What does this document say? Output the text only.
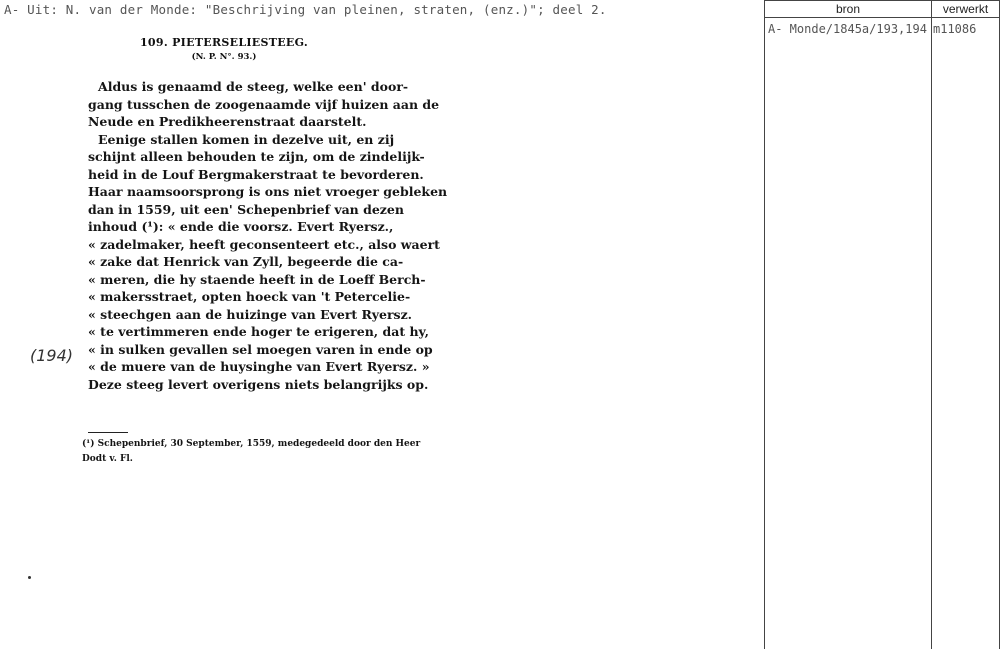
A- Uit: N. van der Monde: "Beschrijving van pleinen, straten, (enz.)"; deel 2.
109. PIETERSELIESTEEG.
(N. P. N°. 93.)
(194)
Aldus is genaamd de steeg, welke een' door-
gang tusschen de zoogenaamde vijf huizen aan de
Neude en Predikheerenstraat daarstelt.
Eenige stallen komen in dezelve uit, en zij
schijnt alleen behouden te zijn, om de zindelijk-
heid in de Louf Bergmakerstraat te bevorderen.
Haar naamsoorsprong is ons niet vroeger gebleken
dan in 1559, uit een' Schepenbrief van dezen
inhoud (¹): « ende die voorsz. Evert Ryersz.,
« zadelmaker, heeft geconsenteert etc., also waert
« zake dat Henrick van Zyll, begeerde die ca-
« meren, die hy staende heeft in de Loeff Berch-
« makersstraet, opten hoeck van 't Petercelie-
« steechgen aan de huizinge van Evert Ryersz.
« te vertimmeren ende hoger te erigeren, dat hy,
« in sulken gevallen sel moegen varen in ende op
« de muere van de huysinghe van Evert Ryersz. »
Deze steeg levert overigens niets belangrijks op.
(¹) Schepenbrief, 30 September, 1559, medegedeeld door den Heer
Dodt v. Fl.
bron	verwerkt
A- Monde/1845a/193,194 m11086
